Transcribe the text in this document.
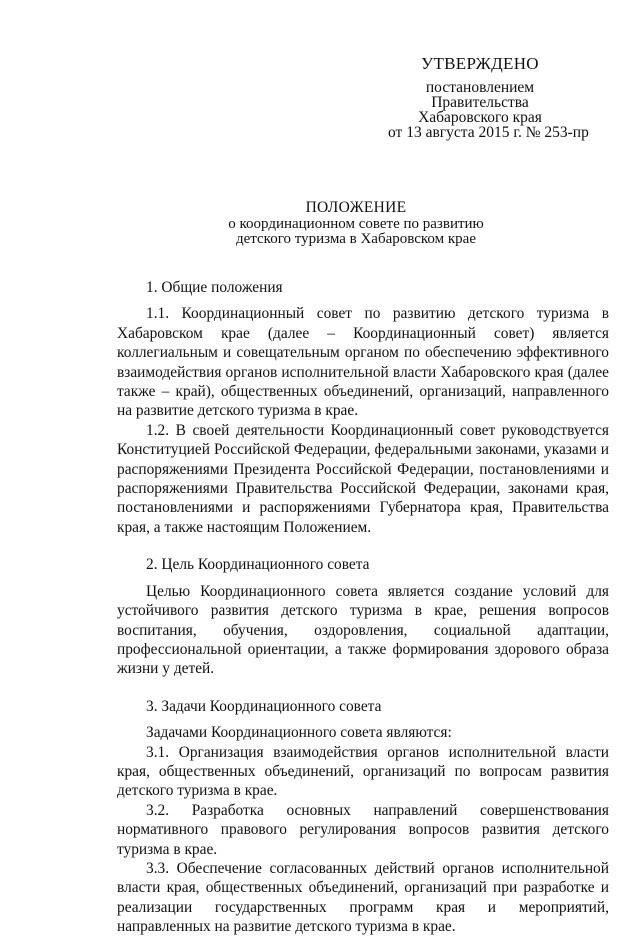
УТВЕРЖДЕНО
постановлением
Правительства
Хабаровского края
от 13 августа 2015 г. № 253-пр
ПОЛОЖЕНИЕ
о координационном совете по развитию
детского туризма в Хабаровском крае
1. Общие положения

1.1. Координационный совет по развитию детского туризма в Хабаровском крае (далее – Координационный совет) является коллегиальным и совещательным органом по обеспечению эффективного взаимодействия органов исполнительной власти Хабаровского края (далее также – край), общественных объединений, организаций, направленного на развитие детского туризма в крае.

1.2. В своей деятельности Координационный совет руководствуется Конституцией Российской Федерации, федеральными законами, указами и распоряжениями Президента Российской Федерации, постановлениями и распоряжениями Правительства Российской Федерации, законами края, постановлениями и распоряжениями Губернатора края, Правительства края, а также настоящим Положением.

2. Цель Координационного совета

Целью Координационного совета является создание условий для устойчивого развития детского туризма в крае, решения вопросов воспитания, обучения, оздоровления, социальной адаптации, профессиональной ориентации, а также формирования здорового образа жизни у детей.

3. Задачи Координационного совета

Задачами Координационного совета являются:

3.1. Организация взаимодействия органов исполнительной власти края, общественных объединений, организаций по вопросам развития детского туризма в крае.

3.2. Разработка основных направлений совершенствования нормативного правового регулирования вопросов развития детского туризма в крае.

3.3. Обеспечение согласованных действий органов исполнительной власти края, общественных объединений, организаций при разработке и реализации государственных программ края и мероприятий, направленных на развитие детского туризма в крае.
